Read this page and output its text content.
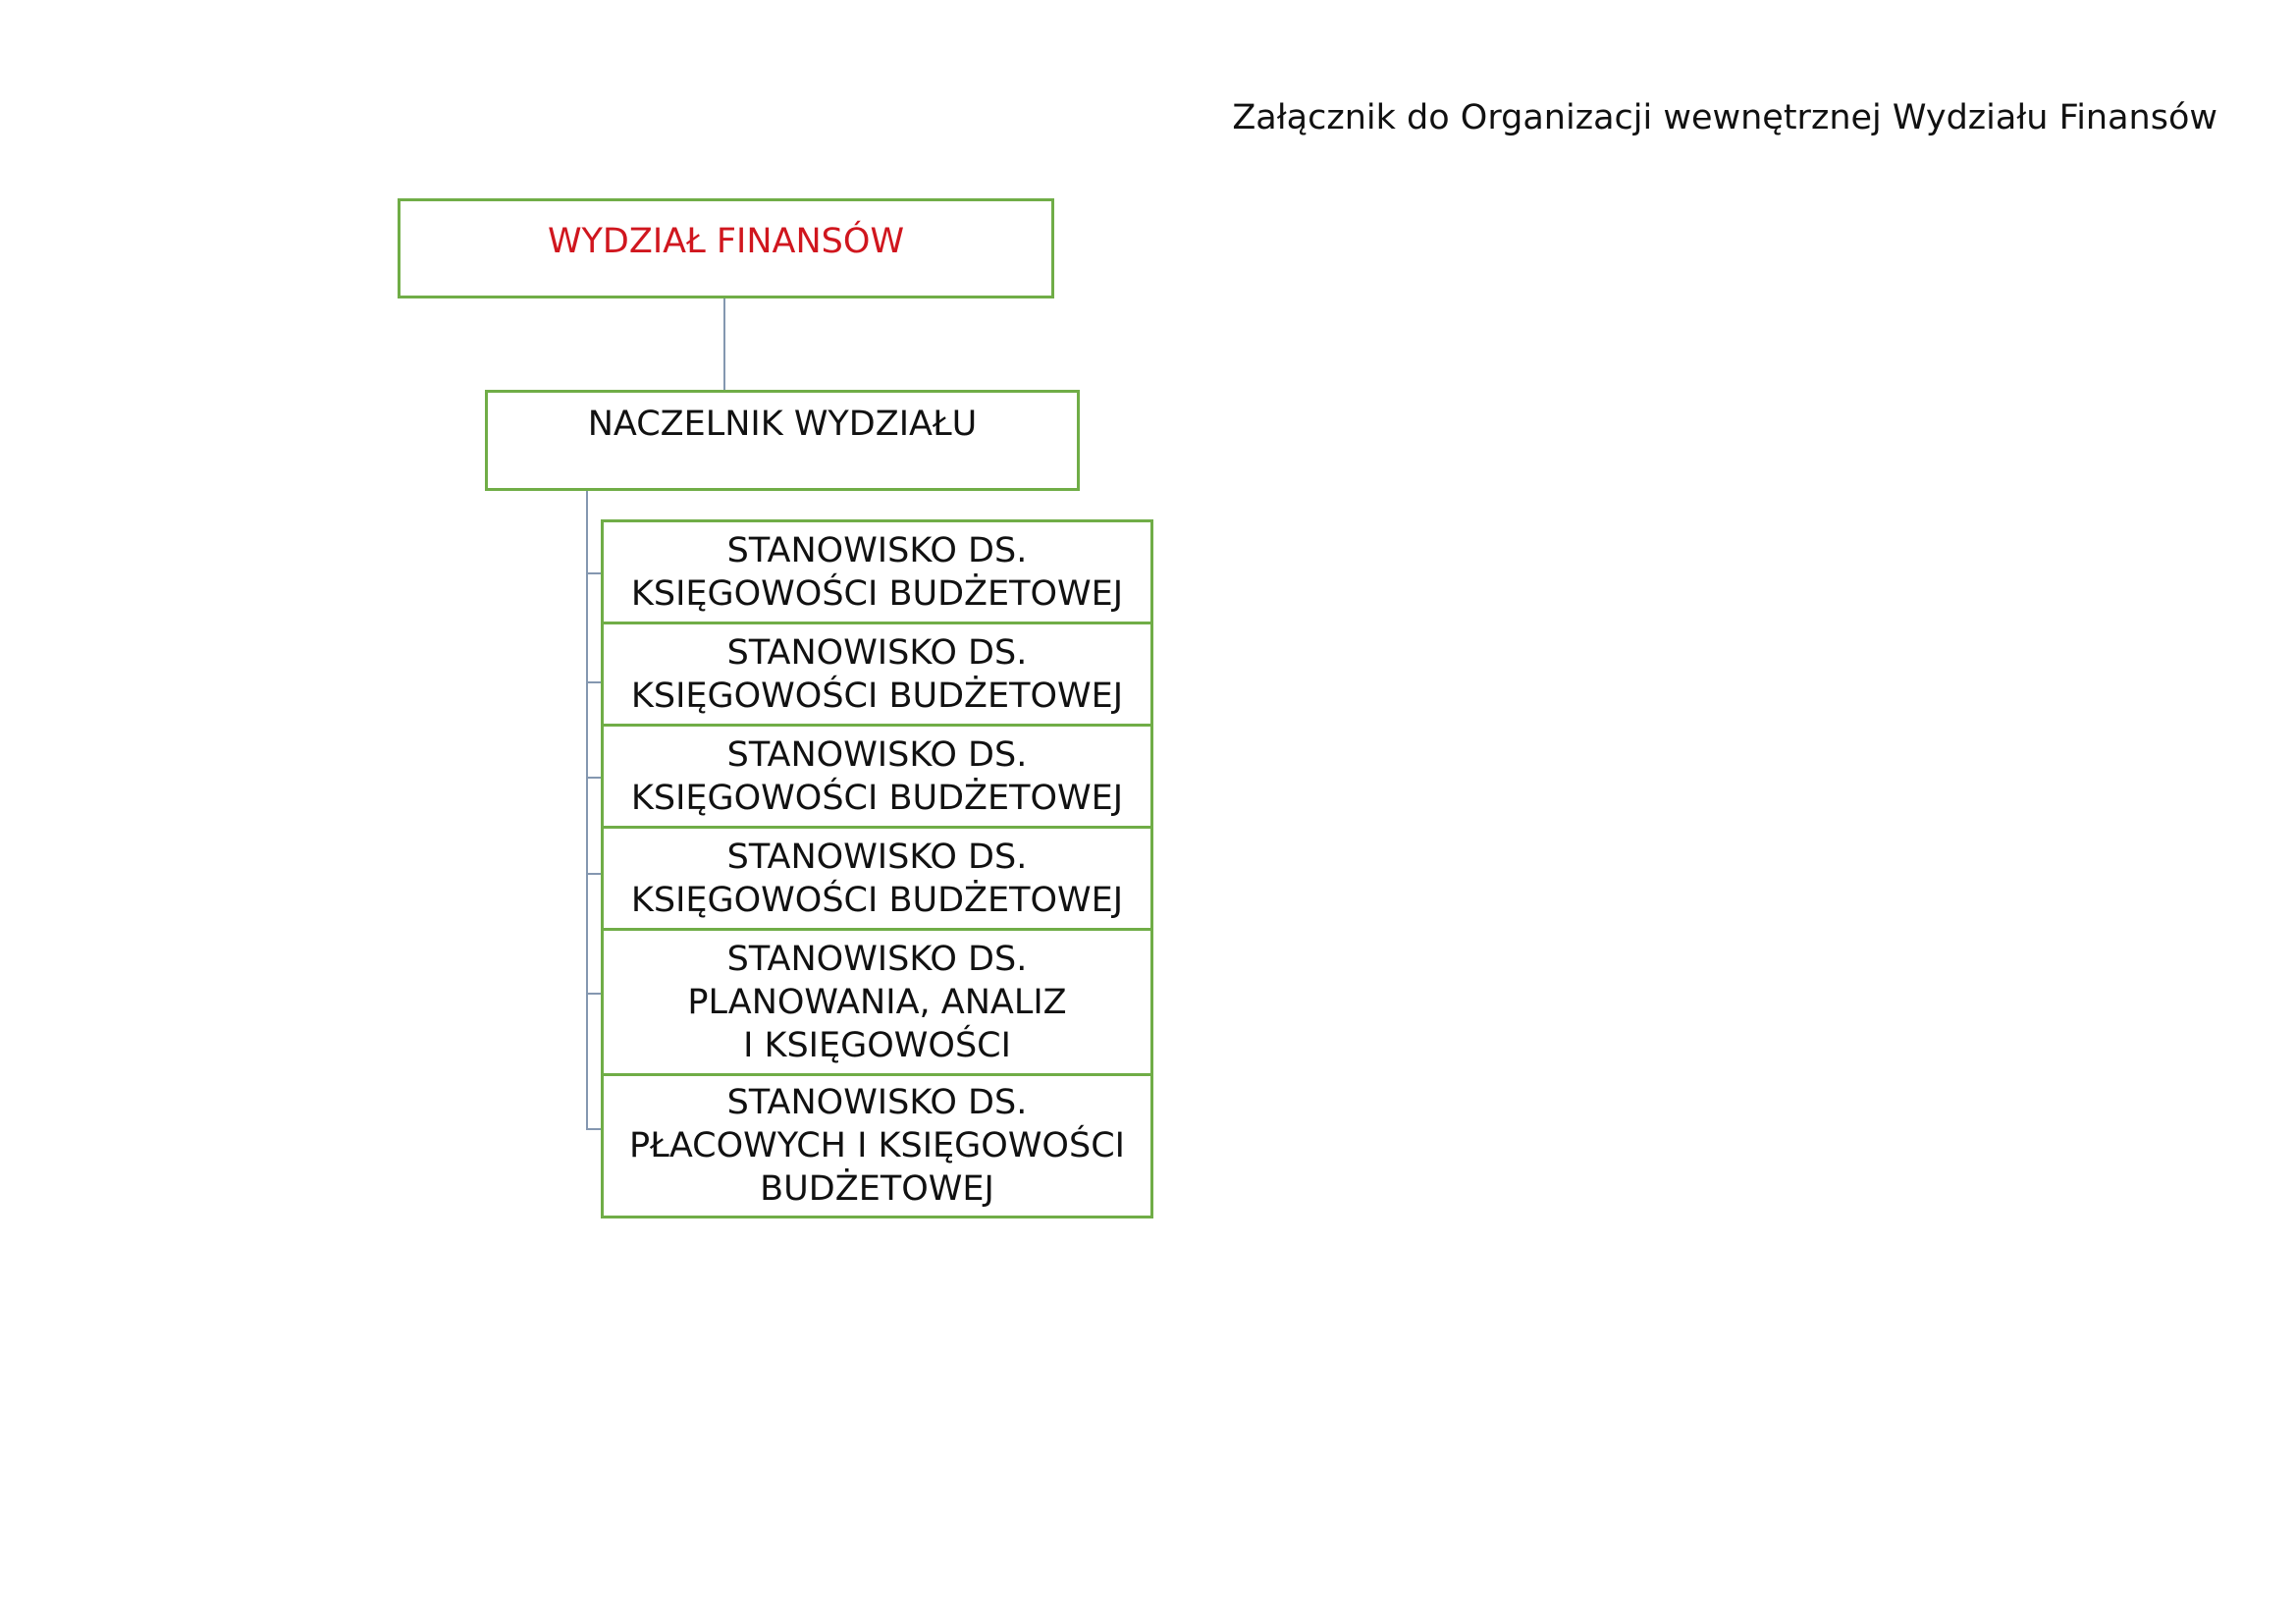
Załącznik do Organizacji wewnętrznej Wydziału Finansów
WYDZIAŁ FINANSÓW
NACZELNIK WYDZIAŁU
STANOWISKO DS.
KSIĘGOWOŚCI BUDŻETOWEJ
STANOWISKO DS.
KSIĘGOWOŚCI BUDŻETOWEJ
STANOWISKO DS.
KSIĘGOWOŚCI BUDŻETOWEJ
STANOWISKO DS.
KSIĘGOWOŚCI BUDŻETOWEJ
STANOWISKO DS.
PLANOWANIA, ANALIZ
I KSIĘGOWOŚCI
STANOWISKO DS.
PŁACOWYCH I KSIĘGOWOŚCI
BUDŻETOWEJ
